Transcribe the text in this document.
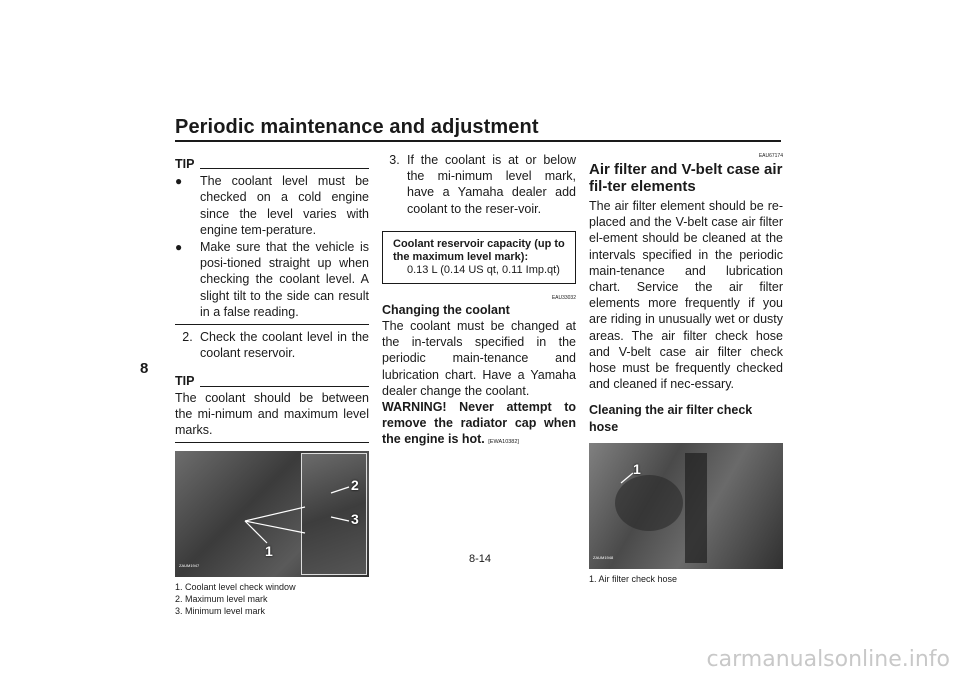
Periodic maintenance and adjustment
8
TIP
●	The coolant level must be checked on a cold engine since the level varies with engine tem-perature.
●	Make sure that the vehicle is posi-tioned straight up when checking the coolant level. A slight tilt to the side can result in a false reading.
2. Check the coolant level in the coolant reservoir.
TIP
The coolant should be between the mi-nimum and maximum level marks.
1
2
3
ZAUM1947
1. Coolant level check window
2. Maximum level mark
3. Minimum level mark
3. If the coolant is at or below the mi-nimum level mark, have a Yamaha dealer add coolant to the reser-voir.
Coolant reservoir capacity (up to the maximum level mark):
0.13 L (0.14 US qt, 0.11 Imp.qt)
EAU33032
Changing the coolant
The coolant must be changed at the in-tervals specified in the periodic main-tenance and lubrication chart. Have a Yamaha dealer change the coolant.
WARNING! Never attempt to remove the radiator cap when the engine is hot. [EWA10382]
EAU67174
Air filter and V-belt case air fil-ter elements
The air filter element should be re-placed and the V-belt case air filter el-ement should be cleaned at the intervals specified in the periodic main-tenance and lubrication chart. Service the air filter elements more frequently if you are riding in unusually wet or dusty areas. The air filter check hose and V-belt case air filter check hose must be frequently checked and cleaned if nec-essary.
Cleaning the air filter check hose
1
ZAUM1948
1. Air filter check hose
8-14
carmanualsonline.info
